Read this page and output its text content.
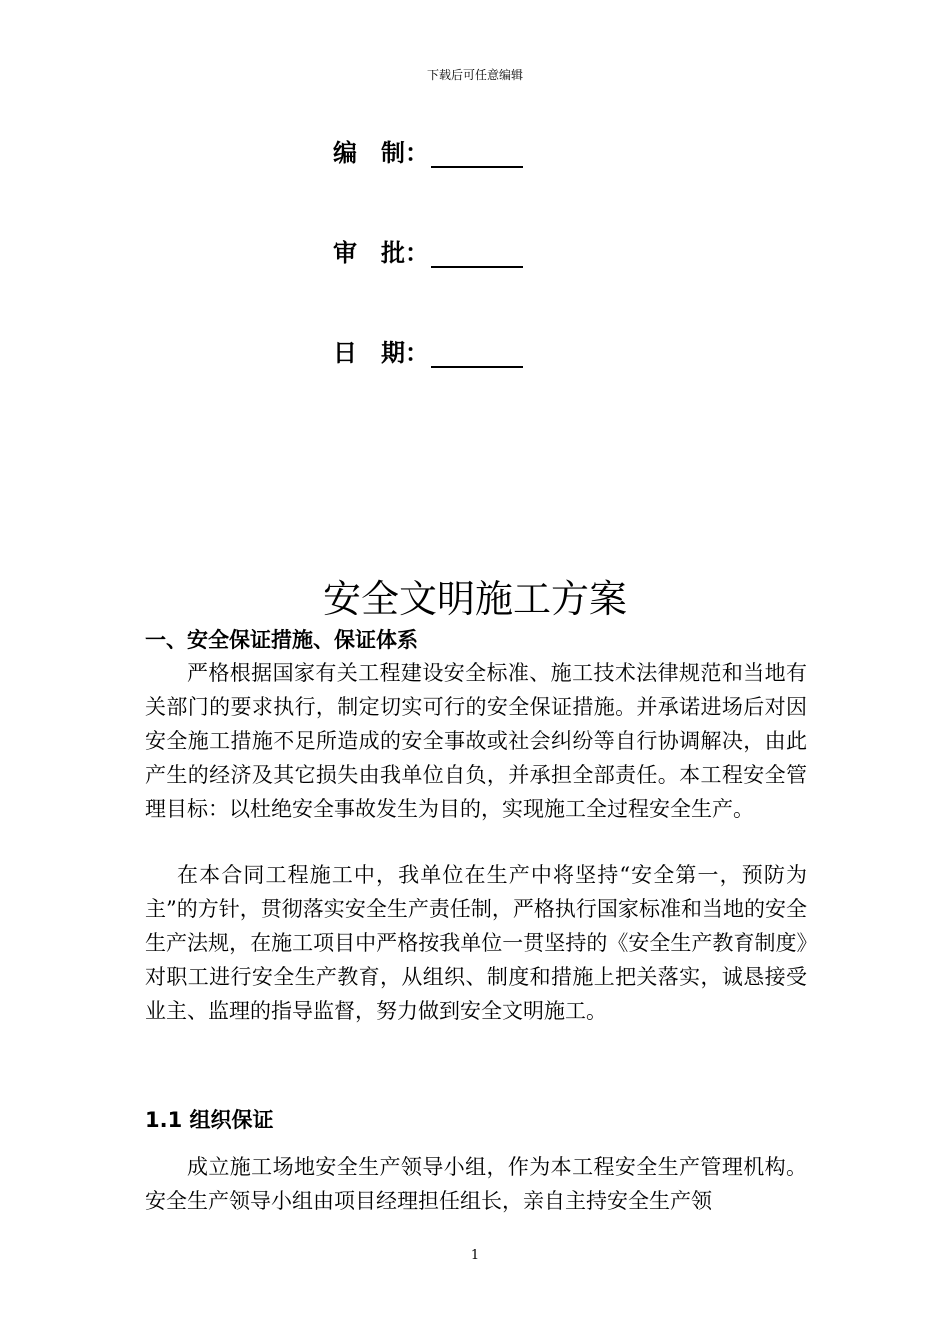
下载后可任意编辑
编　制：
审　批：
日　期：
安全文明施工方案
一、安全保证措施、保证体系
严格根据国家有关工程建设安全标准、施工技术法律规范和当地有关部门的要求执行，制定切实可行的安全保证措施。并承诺进场后对因安全施工措施不足所造成的安全事故或社会纠纷等自行协调解决，由此产生的经济及其它损失由我单位自负，并承担全部责任。本工程安全管理目标：以杜绝安全事故发生为目的，实现施工全过程安全生产。
在本合同工程施工中，我单位在生产中将坚持“安全第一，预防为主”的方针，贯彻落实安全生产责任制，严格执行国家标准和当地的安全生产法规，在施工项目中严格按我单位一贯坚持的《安全生产教育制度》对职工进行安全生产教育，从组织、制度和措施上把关落实，诚恳接受业主、监理的指导监督，努力做到安全文明施工。
1.1 组织保证
成立施工场地安全生产领导小组，作为本工程安全生产管理机构。安全生产领导小组由项目经理担任组长，亲自主持安全生产领
1
